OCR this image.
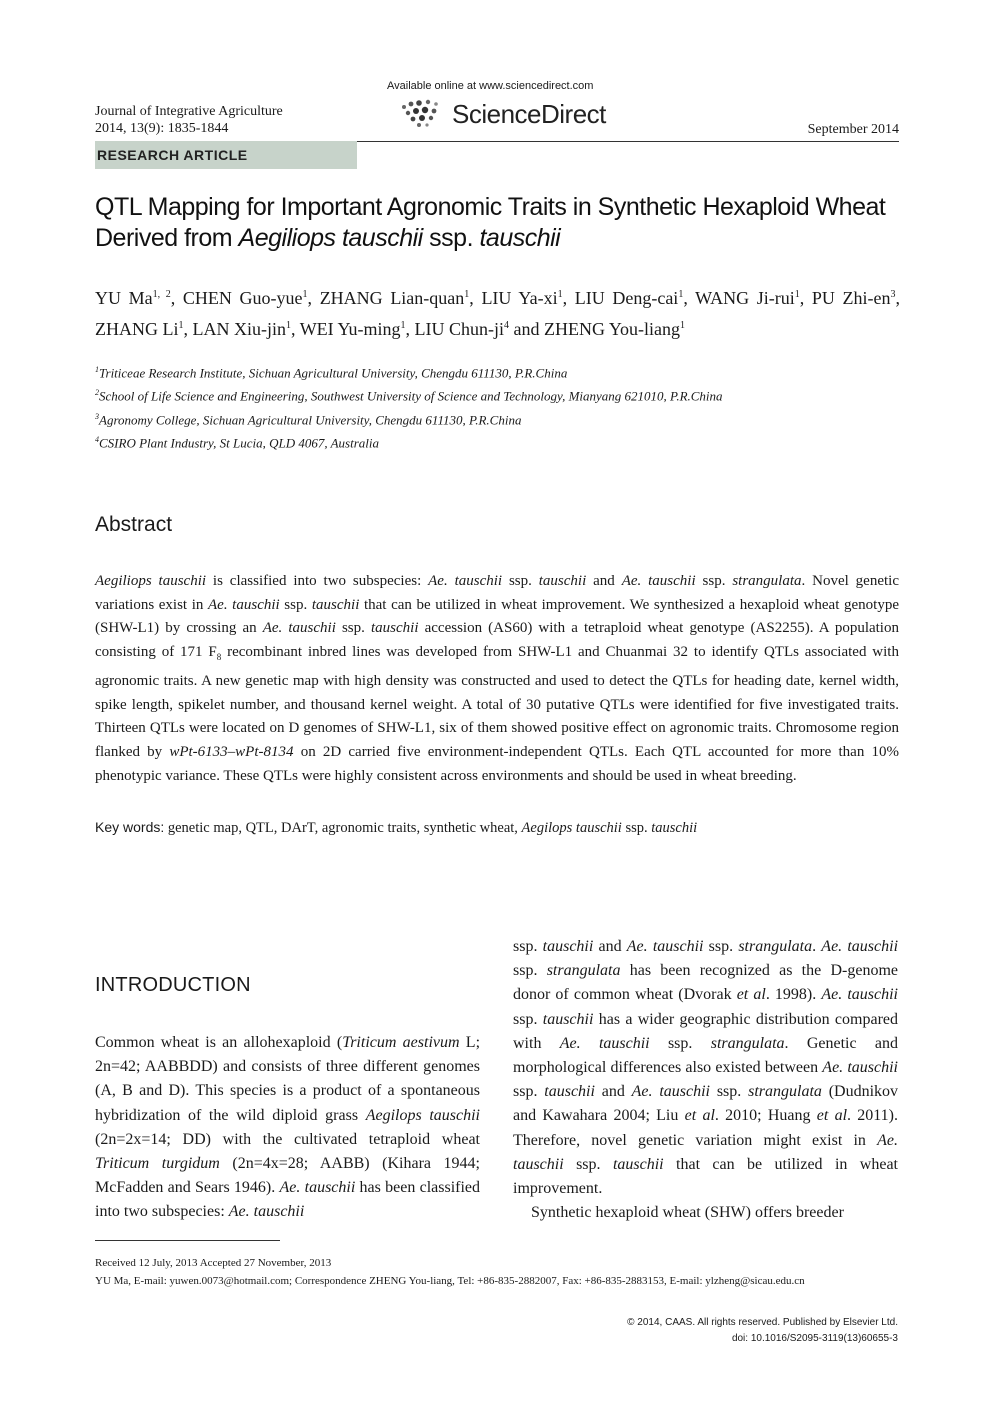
Journal of Integrative Agriculture
2014, 13(9): 1835-1844
Available online at www.sciencedirect.com
ScienceDirect
September 2014
RESEARCH ARTICLE
QTL Mapping for Important Agronomic Traits in Synthetic Hexaploid Wheat
Derived from Aegiliops tauschii ssp. tauschii
YU Ma$^{1, 2}$, CHEN Guo-yue$^1$, ZHANG Lian-quan$^1$, LIU $Ya-xi^1$, LIU Deng-cai$^1$, WANG Ji-rui$^1$, PU Zhi-$en^3$, ZHANG Li$^1$, LAN Xiu-jin$^1$, WEI Yu-ming$^1$, LIU Chun-$ji^4$ and ZHENG You-liang$^1$
$^1$Triticeae Research Institute, Sichuan Agricultural University, Chengdu 611130, P.R.China
$^2$School of Life Science and Engineering, Southwest University of Science and Technology, Mianyang 621010, P.R.China
$^3$Agronomy College, Sichuan Agricultural University, Chengdu 611130, P.R.China
$^4$CSIRO Plant Industry, St Lucia, QLD 4067, Australia
Abstract
Aegiliops tauschii is classified into two subspecies: Ae. tauschii ssp. tauschii and Ae. tauschii ssp. strangulata. Novel genetic variations exist in Ae. tauschii ssp. tauschii that can be utilized in wheat improvement. We synthesized a hexaploid wheat genotype (SHW-L1) by crossing an Ae. tauschii ssp. tauschii accession (AS60) with a tetraploid wheat genotype (AS2255). A population consisting of 171 $F_8$ recombinant inbred lines was developed from SHW-L1 and Chuanmai 32 to identify QTLs associated with agronomic traits. A new genetic map with high density was constructed and used to detect the QTLs for heading date, kernel width, spike length, spikelet number, and thousand kernel weight. A total of 30 putative QTLs were identified for five investigated traits. Thirteen QTLs were located on D genomes of SHW-L1, six of them showed positive effect on agronomic traits. Chromosome region flanked by wPt-6133–wPt-8134 on 2D carried five environment-independent QTLs. Each QTL accounted for more than 10% phenotypic variance. These QTLs were highly consistent across environments and should be used in wheat breeding.
Key words: genetic map, QTL, DArT, agronomic traits, synthetic wheat, Aegilops tauschii ssp. tauschii
INTRODUCTION

Common wheat is an allohexaploid (Triticum aestivum L; 2n=42; AABBDD) and consists of three different genomes (A, B and D). This species is a product of a spontaneous hybridization of the wild diploid grass Aegilops tauschii (2n=2x=14; DD) with the cultivated tetraploid wheat Triticum turgidum (2n=4x=28; AABB) (Kihara 1944; McFadden and Sears 1946). Ae. tauschii has been classified into two subspecies: Ae. tauschii

ssp. tauschii and Ae. tauschii ssp. strangulata. Ae. tauschii ssp. strangulata has been recognized as the D-genome donor of common wheat (Dvorak et al. 1998). Ae. tauschii ssp. tauschii has a wider geographic distribution compared with Ae. tauschii ssp. strangulata. Genetic and morphological differences also existed between Ae. tauschii ssp. tauschii and Ae. tauschii ssp. strangulata (Dudnikov and Kawahara 2004; Liu et al. 2010; Huang et al. 2011). Therefore, novel genetic variation might exist in Ae. tauschii ssp. tauschii that can be utilized in wheat improvement.

Synthetic hexaploid wheat (SHW) offers breeder

Received 12 July, 2013 Accepted 27 November, 2013
YU Ma, E-mail: yuwen.0073@hotmail.com; Correspondence ZHENG You-liang, Tel: +86-835-2882007, Fax: +86-835-2883153, E-mail: ylzheng@sicau.edu.cn
© 2014, CAAS. All rights reserved. Published by Elsevier Ltd.
doi: 10.1016/S2095-3119(13)60655-3
